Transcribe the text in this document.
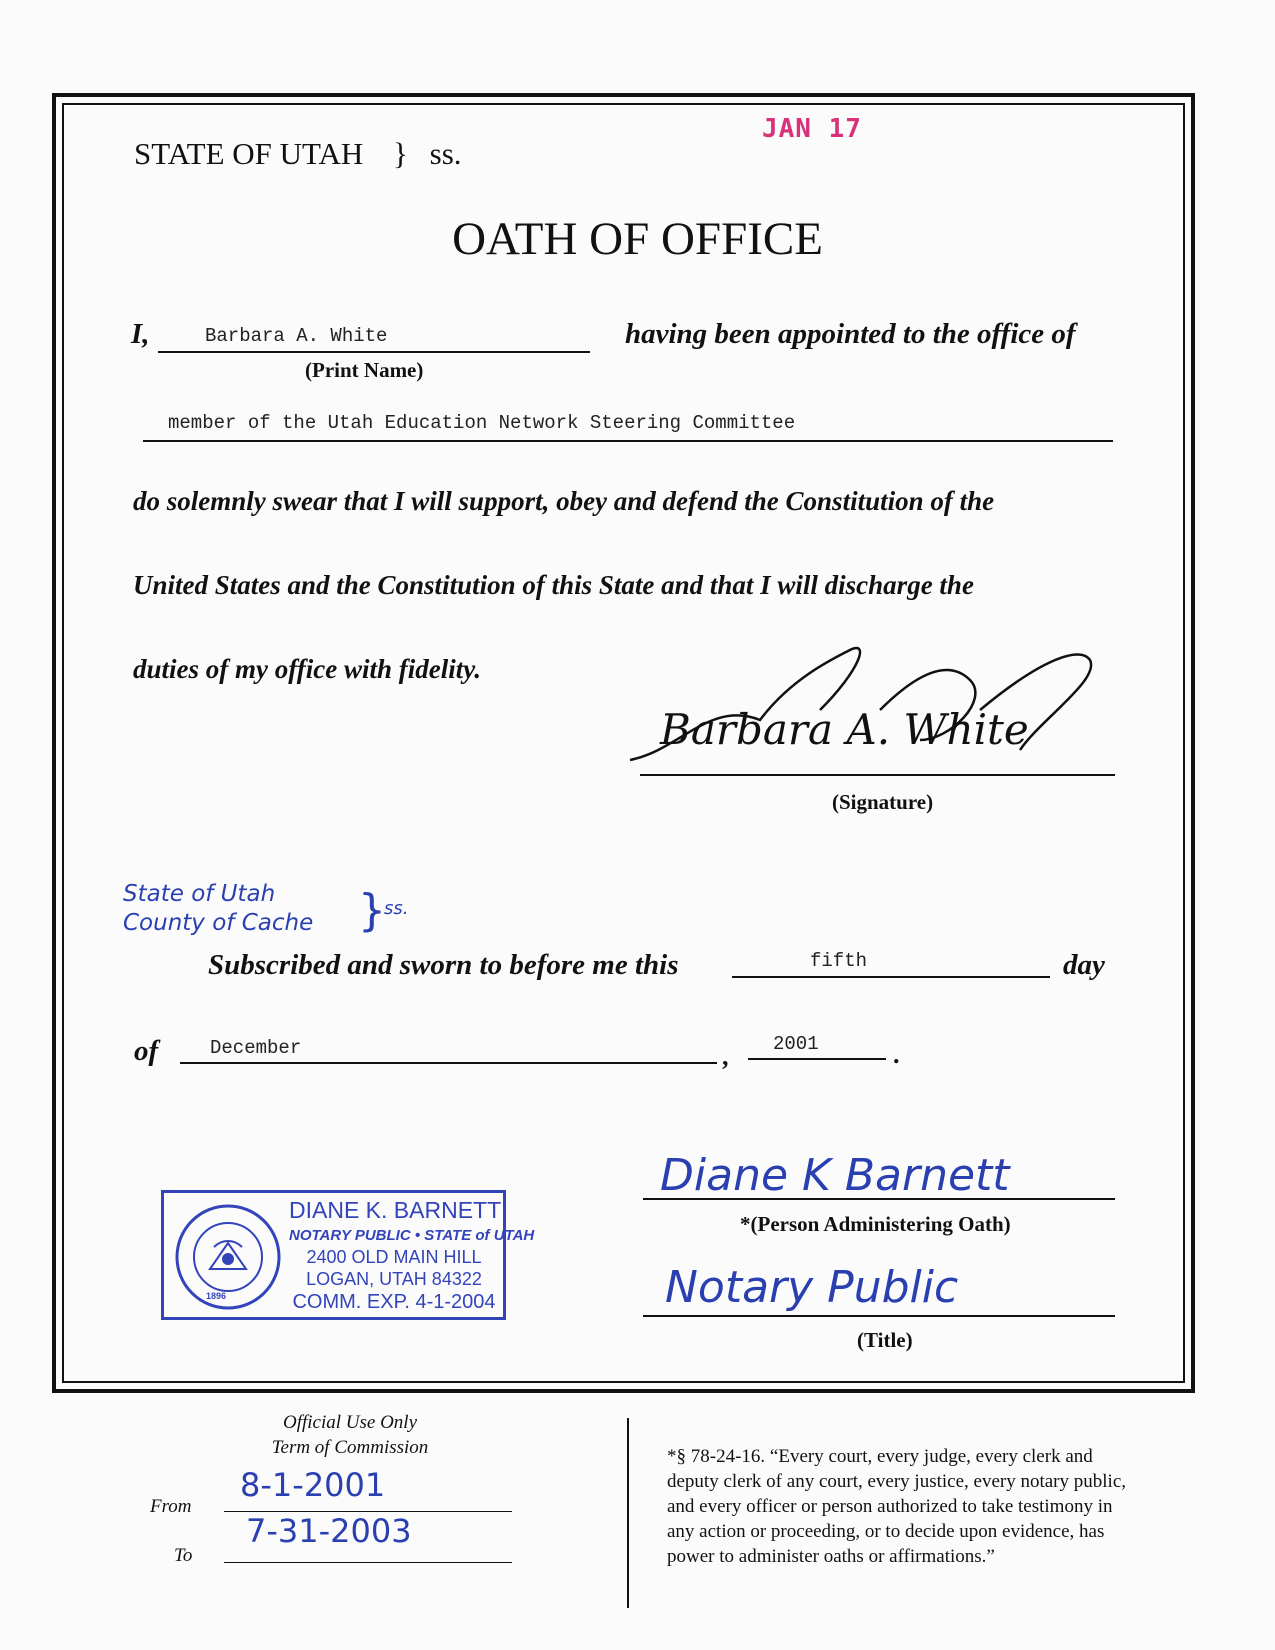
STATE OF UTAH } ss.
JAN 17
OATH OF OFFICE
I,	Barbara A. White
(Print Name)
having been appointed to the office of
member of the Utah Education Network Steering Committee
do solemnly swear that I will support, obey and defend the Constitution of the
United States and the Constitution of this State and that I will discharge the
duties of my office with fidelity.
Barbara A. White
(Signature)
State of Utah
County of Cache }
ss.
Subscribed and sworn to before me this	fifth	day
of	December	, 2001	.
1896
DIANE K. BARNETT
NOTARY PUBLIC • STATE of UTAH
2400 OLD MAIN HILL
LOGAN, UTAH 84322
COMM. EXP. 4-1-2004
Diane K Barnett
*(Person Administering Oath)
Notary Public
(Title)
Official Use Only
Term of Commission
From
8-1-2001
To
7-31-2003
*§ 78-24-16. “Every court, every judge, every clerk and
deputy clerk of any court, every justice, every notary public,
and every officer or person authorized to take testimony in
any action or proceeding, or to decide upon evidence, has
power to administer oaths or affirmations.”
